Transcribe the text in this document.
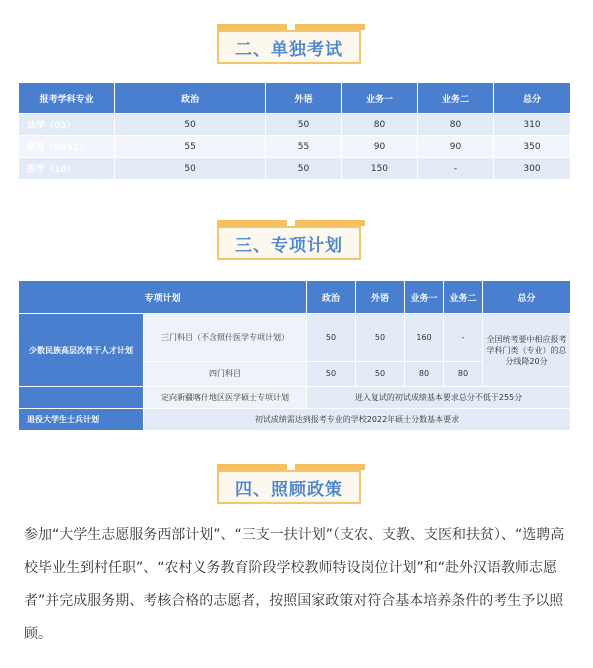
二、单独考试
报考学科专业	政治	外语	业务一	业务二	总分
法学（03）	50	50	80	80	310
教育（0451）	55	55	90	90	350
医学（10）	50	50	150	-	300
三、专项计划
专项计划		政治	外语	业务一	业务二	总分
少数民族高层次骨干人才计划	三门科目（不含照什医学专项计划）	50	50	160	-	全国统考要中相应报考学科门类（专业）的总分线降20分
	四门科目	50	50	80	80	
	定向新疆喀什地区医学硕士专项计划	进入复试的初试成绩基本要求总分不低于255分				
退役大学生士兵计划	初试成绩需达到报考专业的学校2022年硕士分数基本要求					
四、照顾政策
参加“大学生志愿服务西部计划”、“三支一扶计划”（支农、支教、支医和扶贫）、“选聘高校毕业生到村任职”、“农村义务教育阶段学校教师特设岗位计划”和“赴外汉语教师志愿者”并完成服务期、考核合格的志愿者，按照国家政策对符合基本培养条件的考生予以照顾。
